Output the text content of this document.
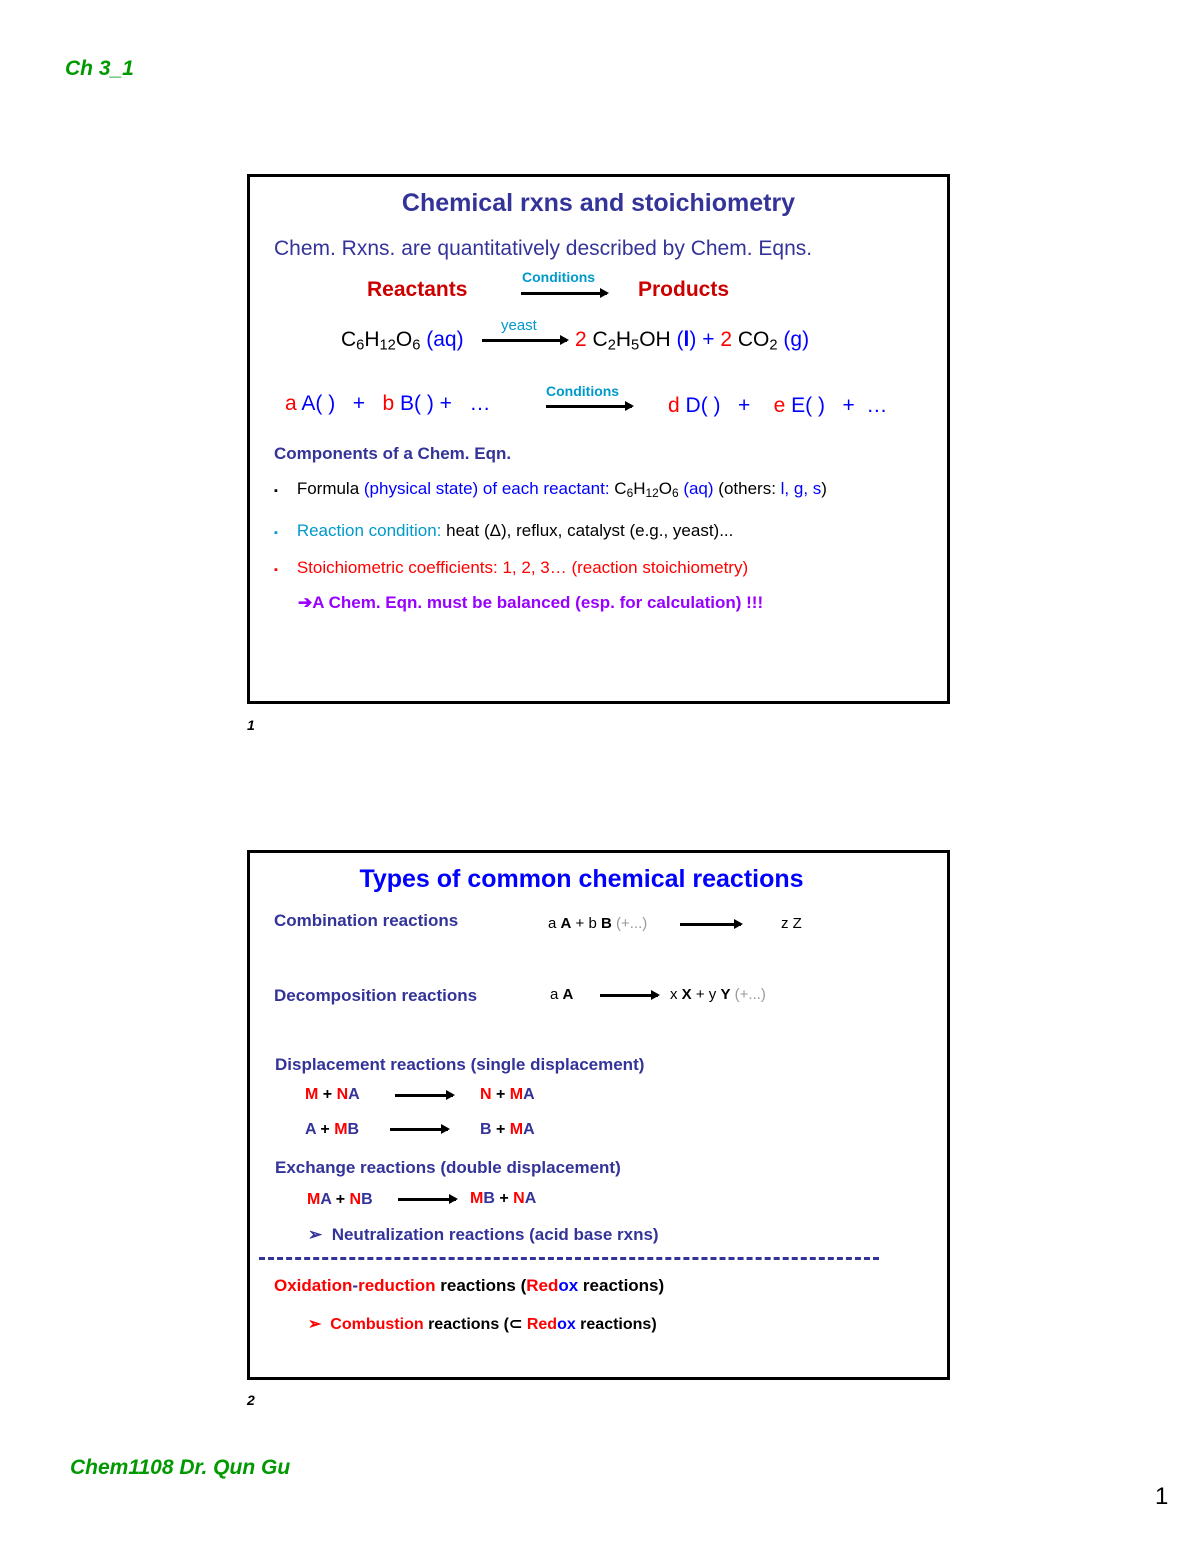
Ch 3_1
Chem1108 Dr. Qun Gu
1
Chemical rxns and stoichiometry
Chem. Rxns. are quantitatively described by Chem. Eqns.
Reactants
Conditions
Products
$C_6H_{12}O_6$ (aq)
yeast
2 $C_2H_5OH$ (l) + 2 $CO_2$ (g)
a A( )   +   b B( ) +   …
Conditions
d D( )   +    e E( )   +  …
Components of a Chem. Eqn.
▪ Formula (physical state) of each reactant: $C_6H_{12}O_6$ (aq) (others: l, g, s)
▪ Reaction condition: heat (Δ), reflux, catalyst (e.g., yeast)...
▪ Stoichiometric coefficients: 1, 2, 3… (reaction stoichiometry)
➔A Chem. Eqn. must be balanced (esp. for calculation) !!!
1
Types of common chemical reactions
Combination reactions	a A + b B (+...)	z Z
Decomposition reactions	a A	x X + y Y (+...)
Displacement reactions (single displacement)
M + NA	N + MA
A + MB	B + MA
Exchange reactions (double displacement)
MA + NB	MB + NA
➢ Neutralization reactions (acid base rxns)
Oxidation-reduction reactions (Redox reactions)
➢ Combustion reactions (⊂ Redox reactions)
2
